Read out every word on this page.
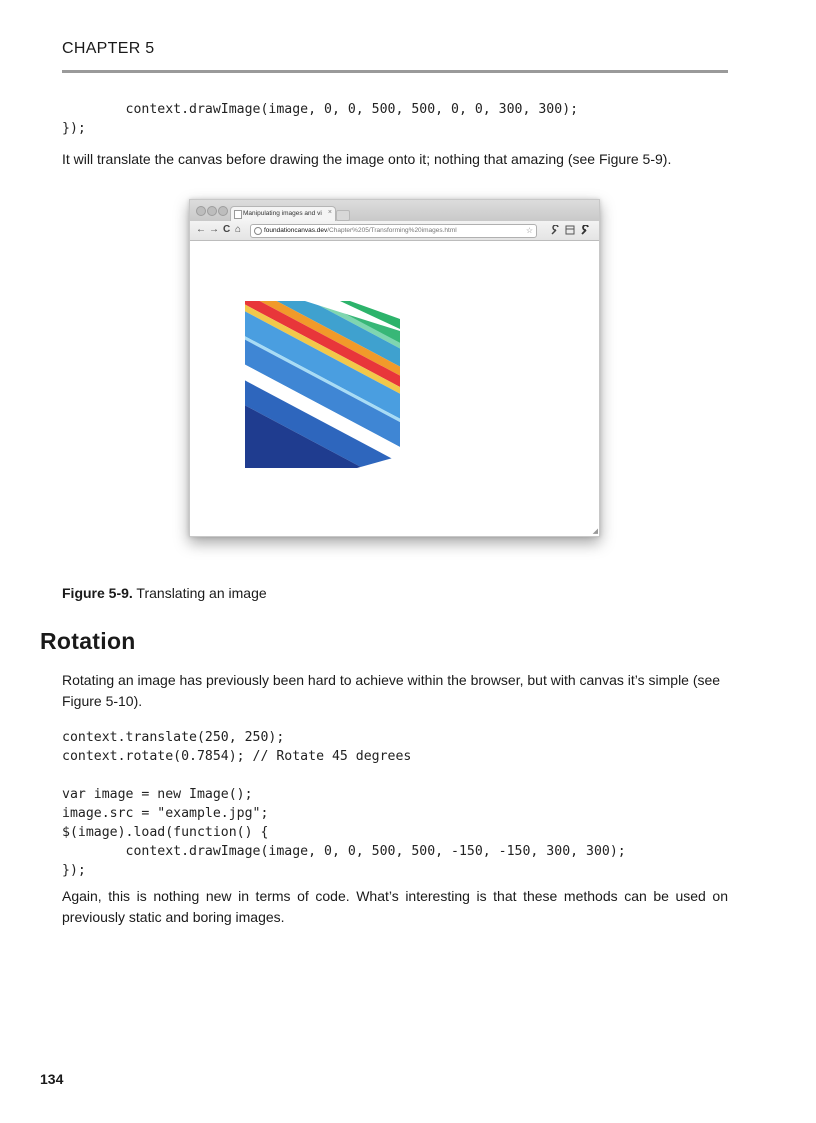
CHAPTER 5
context.drawImage(image, 0, 0, 500, 500, 0, 0, 300, 300);
});

It will translate the canvas before drawing the image onto it; nothing that amazing (see Figure 5-9).

Manipulating images and vi ×
← → C ⌂	foundationcanvas.dev/Chapter%205/Transforming%20images.html	☆
◢
Figure 5-9. Translating an image
Rotation

Rotating an image has previously been hard to achieve within the browser, but with canvas it’s simple (see Figure 5-10).

context.translate(250, 250);
context.rotate(0.7854); // Rotate 45 degrees

var image = new Image();
image.src = "example.jpg";
$(image).load(function() {
context.drawImage(image, 0, 0, 500, 500, -150, -150, 300, 300);
});

Again, this is nothing new in terms of code. What’s interesting is that these methods can be used on previously static and boring images.

134
